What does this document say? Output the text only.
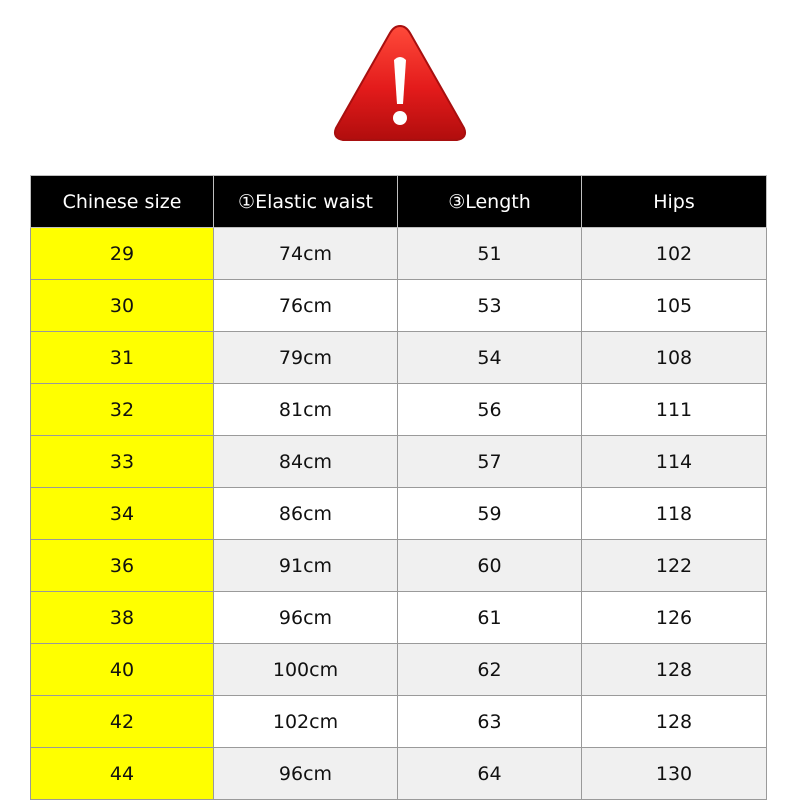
Chinese size	①Elastic waist	③Length	Hips
29	74cm	51	102
30	76cm	53	105
31	79cm	54	108
32	81cm	56	111
33	84cm	57	114
34	86cm	59	118
36	91cm	60	122
38	96cm	61	126
40	100cm	62	128
42	102cm	63	128
44	96cm	64	130
